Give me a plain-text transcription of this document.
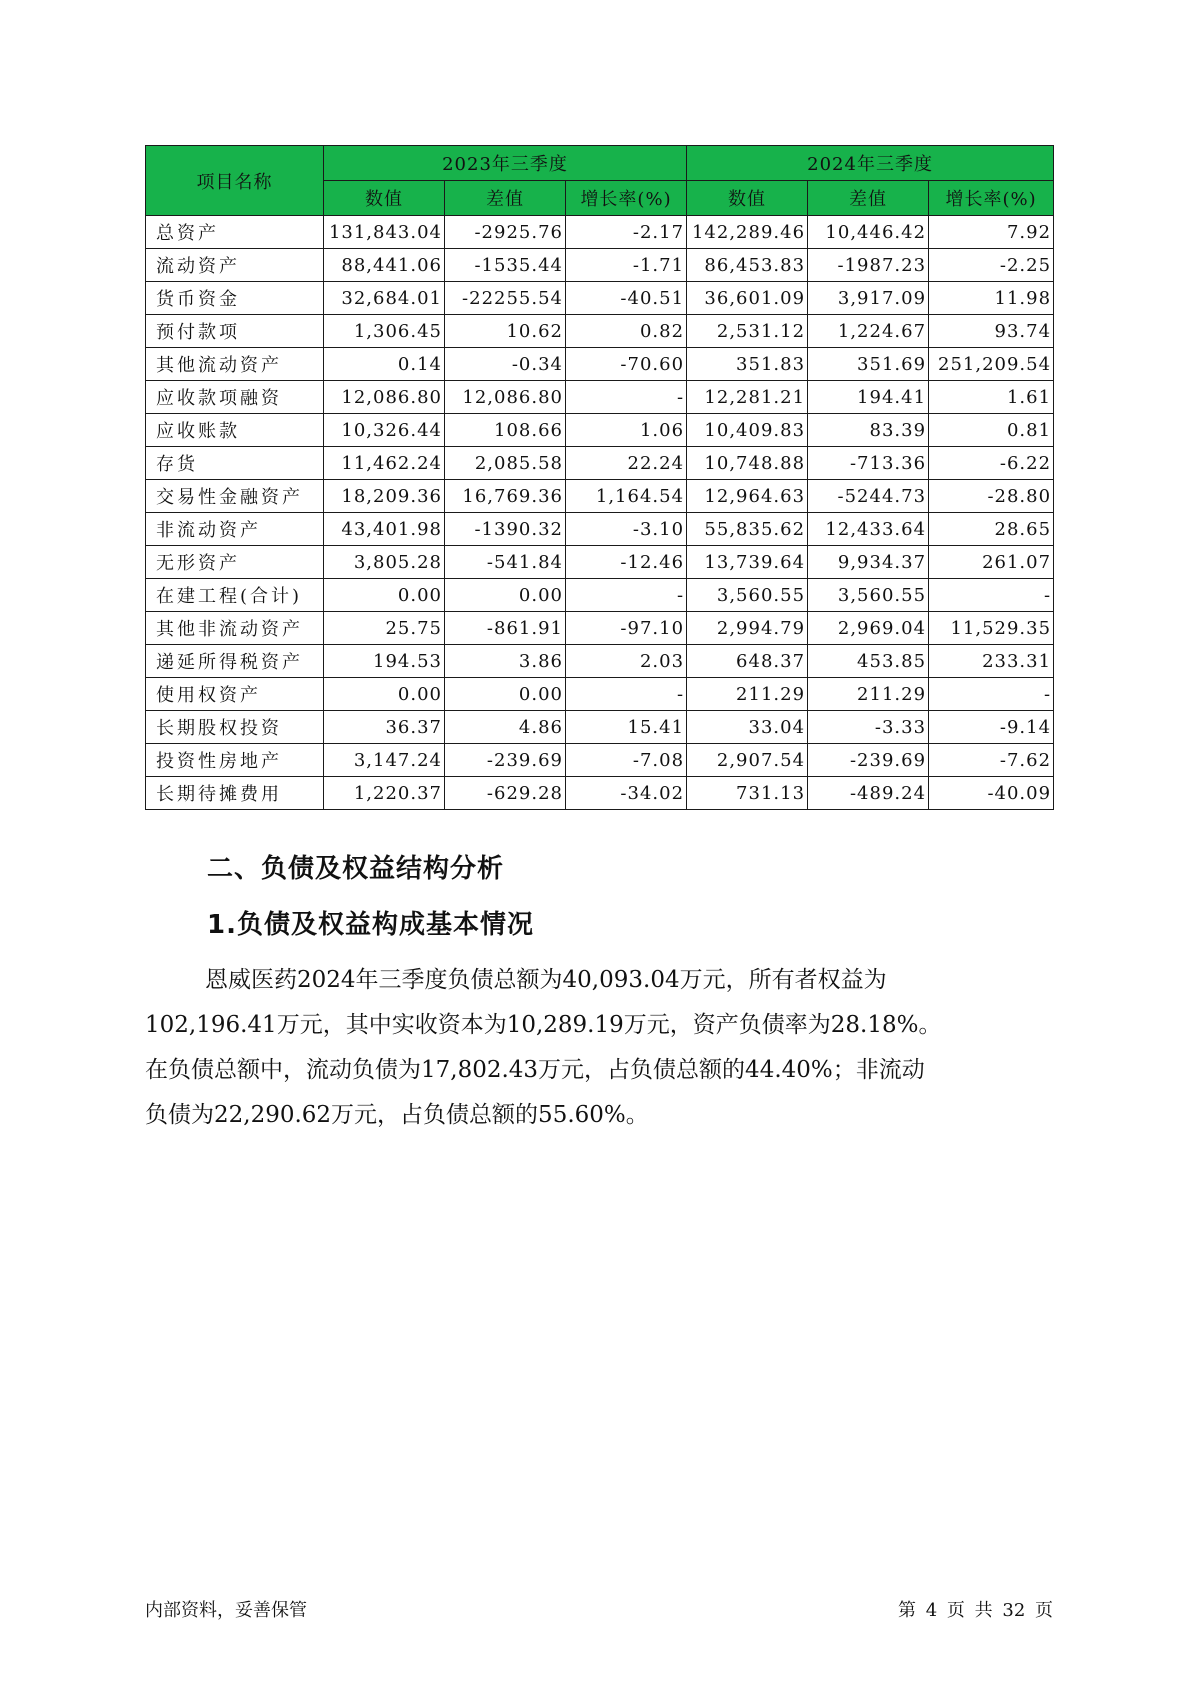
项目名称	2023年三季度			2024年三季度		
	数值	差值	增长率(%)	数值	差值	增长率(%)
总资产	131,843.04	-2925.76	-2.17	142,289.46	10,446.42	7.92
流动资产	88,441.06	-1535.44	-1.71	86,453.83	-1987.23	-2.25
货币资金	32,684.01	-22255.54	-40.51	36,601.09	3,917.09	11.98
预付款项	1,306.45	10.62	0.82	2,531.12	1,224.67	93.74
其他流动资产	0.14	-0.34	-70.60	351.83	351.69	251,209.54
应收款项融资	12,086.80	12,086.80	-	12,281.21	194.41	1.61
应收账款	10,326.44	108.66	1.06	10,409.83	83.39	0.81
存货	11,462.24	2,085.58	22.24	10,748.88	-713.36	-6.22
交易性金融资产	18,209.36	16,769.36	1,164.54	12,964.63	-5244.73	-28.80
非流动资产	43,401.98	-1390.32	-3.10	55,835.62	12,433.64	28.65
无形资产	3,805.28	-541.84	-12.46	13,739.64	9,934.37	261.07
在建工程(合计)	0.00	0.00	-	3,560.55	3,560.55	-
其他非流动资产	25.75	-861.91	-97.10	2,994.79	2,969.04	11,529.35
递延所得税资产	194.53	3.86	2.03	648.37	453.85	233.31
使用权资产	0.00	0.00	-	211.29	211.29	-
长期股权投资	36.37	4.86	15.41	33.04	-3.33	-9.14
投资性房地产	3,147.24	-239.69	-7.08	2,907.54	-239.69	-7.62
长期待摊费用	1,220.37	-629.28	-34.02	731.13	-489.24	-40.09
二、负债及权益结构分析
1.负债及权益构成基本情况

恩威医药2024年三季度负债总额为40,093.04万元，所有者权益为
102,196.41万元，其中实收资本为10,289.19万元，资产负债率为28.18%。
在负债总额中，流动负债为17,802.43万元，占负债总额的44.40%；非流动
负债为22,290.62万元，占负债总额的55.60%。

内部资料，妥善保管	第 4 页 共 32 页
